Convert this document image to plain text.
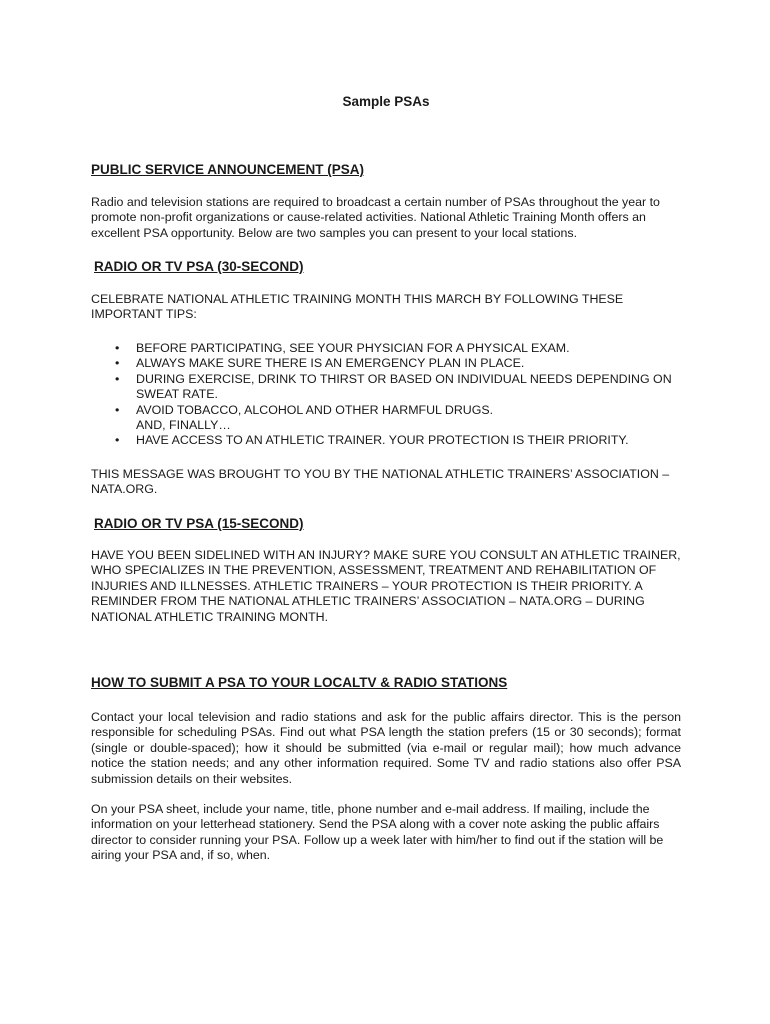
Sample PSAs
PUBLIC SERVICE ANNOUNCEMENT (PSA)

Radio and television stations are required to broadcast a certain number of PSAs throughout the year to promote non-profit organizations or cause-related activities. National Athletic Training Month offers an excellent PSA opportunity. Below are two samples you can present to your local stations.

RADIO OR TV PSA (30-SECOND)

CELEBRATE NATIONAL ATHLETIC TRAINING MONTH THIS MARCH BY FOLLOWING THESE IMPORTANT TIPS:

• BEFORE PARTICIPATING, SEE YOUR PHYSICIAN FOR A PHYSICAL EXAM.
• ALWAYS MAKE SURE THERE IS AN EMERGENCY PLAN IN PLACE.
• DURING EXERCISE, DRINK TO THIRST OR BASED ON INDIVIDUAL NEEDS DEPENDING ON SWEAT RATE.
• AVOID TOBACCO, ALCOHOL AND OTHER HARMFUL DRUGS.
AND, FINALLY…
• HAVE ACCESS TO AN ATHLETIC TRAINER. YOUR PROTECTION IS THEIR PRIORITY.

THIS MESSAGE WAS BROUGHT TO YOU BY THE NATIONAL ATHLETIC TRAINERS’ ASSOCIATION – NATA.ORG.

RADIO OR TV PSA (15-SECOND)

HAVE YOU BEEN SIDELINED WITH AN INJURY? MAKE SURE YOU CONSULT AN ATHLETIC TRAINER, WHO SPECIALIZES IN THE PREVENTION, ASSESSMENT, TREATMENT AND REHABILITATION OF INJURIES AND ILLNESSES. ATHLETIC TRAINERS – YOUR PROTECTION IS THEIR PRIORITY. A REMINDER FROM THE NATIONAL ATHLETIC TRAINERS’ ASSOCIATION – NATA.ORG – DURING NATIONAL ATHLETIC TRAINING MONTH.

HOW TO SUBMIT A PSA TO YOUR LOCALTV & RADIO STATIONS

Contact your local television and radio stations and ask for the public affairs director. This is the person responsible for scheduling PSAs. Find out what PSA length the station prefers (15 or 30 seconds); format (single or double-spaced); how it should be submitted (via e-mail or regular mail); how much advance notice the station needs; and any other information required. Some TV and radio stations also offer PSA submission details on their websites.

On your PSA sheet, include your name, title, phone number and e-mail address. If mailing, include the information on your letterhead stationery. Send the PSA along with a cover note asking the public affairs director to consider running your PSA. Follow up a week later with him/her to find out if the station will be airing your PSA and, if so, when.
